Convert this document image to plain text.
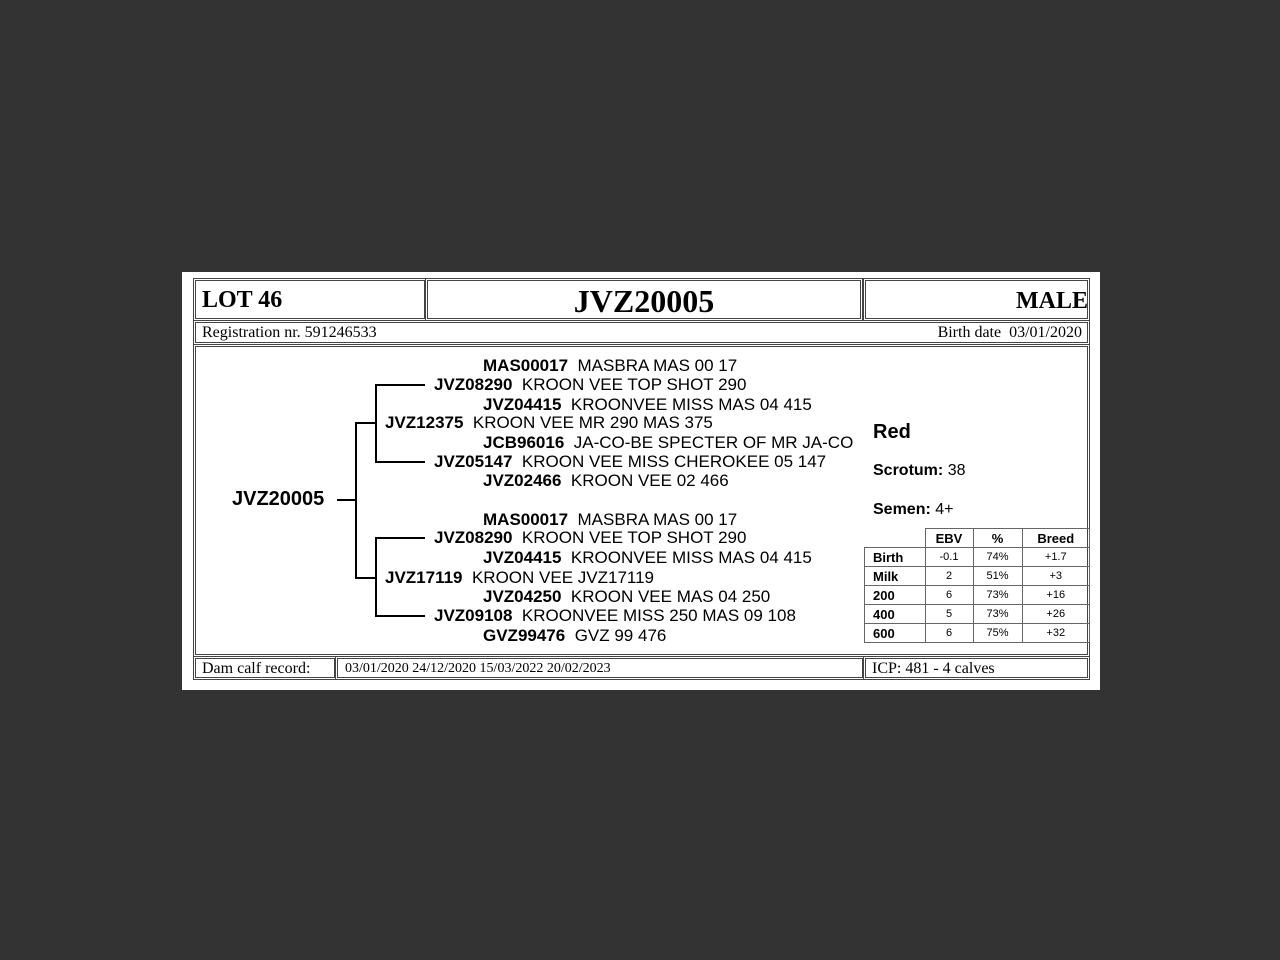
LOT 46	JVZ20005	MALE
Registration nr. 591246533	Birth date 03/01/2020
JVZ20005
MAS00017 MASBRA MAS 00 17
JVZ08290 KROON VEE TOP SHOT 290
JVZ04415 KROONVEE MISS MAS 04 415
JVZ12375 KROON VEE MR 290 MAS 375
JCB96016 JA-CO-BE SPECTER OF MR JA-CO
JVZ05147 KROON VEE MISS CHEROKEE 05 147
JVZ02466 KROON VEE 02 466
MAS00017 MASBRA MAS 00 17
JVZ08290 KROON VEE TOP SHOT 290
JVZ04415 KROONVEE MISS MAS 04 415
JVZ17119 KROON VEE JVZ17119
JVZ04250 KROON VEE MAS 04 250
JVZ09108 KROONVEE MISS 250 MAS 09 108
GVZ99476 GVZ 99 476
Red
Scrotum: 38
Semen: 4+
	EBV	%	Breed
Birth	-0.1	74%	+1.7
Milk	2	51%	+3
200	6	73%	+16
400	5	73%	+26
600	6	75%	+32
Dam calf record: 03/01/2020 24/12/2020 15/03/2022 20/02/2023	ICP: 481 - 4 calves
